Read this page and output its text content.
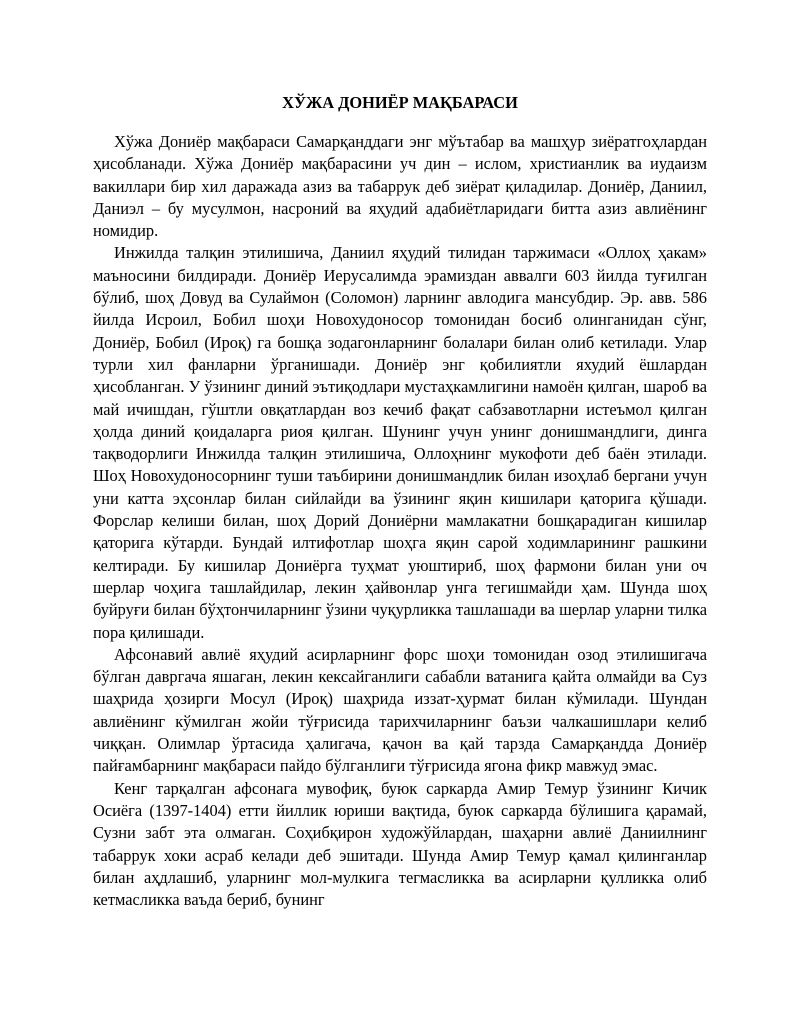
ХЎЖА ДОНИЁР МАҚБАРАСИ

Хўжа Дониёр мақбараси Самарқанддаги энг мўътабар ва машҳур зиёратгоҳлардан ҳисобланади. Хўжа Дониёр мақбарасини уч дин – ислом, христианлик ва иудаизм вакиллари бир хил даражада азиз ва табаррук деб зиёрат қиладилар. Дониёр, Даниил, Даниэл – бу мусулмон, насроний ва яҳудий адабиётларидаги битта азиз авлиёнинг номидир.

Инжилда талқин этилишича, Даниил яҳудий тилидан таржимаси «Оллоҳ ҳакам» маъносини билдиради. Дониёр Иерусалимда эрамиздан аввалги 603 йилда туғилган бўлиб, шоҳ Довуд ва Сулаймон (Соломон) ларнинг авлодига мансубдир. Эр. авв. 586 йилда Исроил, Бобил шоҳи Новохудоносор томонидан босиб олинганидан сўнг, Дониёр, Бобил (Ироқ) га бошқа зодагонларнинг болалари билан олиб кетилади. Улар турли хил фанларни ўрганишади. Дониёр энг қобилиятли яхудий ёшлардан ҳисобланган. У ўзининг диний эътиқодлари мустаҳкамлигини намоён қилган, шароб ва май ичишдан, гўштли овқатлардан воз кечиб фақат сабзавотларни истеъмол қилган ҳолда диний қоидаларга риоя қилган. Шунинг учун унинг донишмандлиги, динга тақводорлиги Инжилда талқин этилишича, Оллоҳнинг мукофоти деб баён этилади. Шоҳ Новохудоносорнинг туши таъбирини донишмандлик билан изоҳлаб бергани учун уни катта эҳсонлар билан сийлайди ва ўзининг яқин кишилари қаторига қўшади. Форслар келиши билан, шоҳ Дорий Дониёрни мамлакатни бошқарадиган кишилар қаторига кўтарди. Бундай илтифотлар шоҳга яқин сарой ходимларининг рашкини келтиради. Бу кишилар Дониёрга туҳмат уюштириб, шоҳ фармони билан уни оч шерлар чоҳига ташлайдилар, лекин ҳайвонлар унга тегишмайди ҳам. Шунда шоҳ буйруғи билан бўҳтончиларнинг ўзини чуқурликка ташлашади ва шерлар уларни тилка пора қилишади.

Афсонавий авлиё яҳудий асирларнинг форс шоҳи томонидан озод этилишигача бўлган давргача яшаган, лекин кексайганлиги сабабли ватанига қайта олмайди ва Суз шаҳрида ҳозирги Мосул (Ироқ) шаҳрида иззат-ҳурмат билан кўмилади. Шундан авлиёнинг кўмилган жойи тўғрисида тарихчиларнинг баъзи чалкашишлари келиб чиққан. Олимлар ўртасида ҳалигача, қачон ва қай тарзда Самарқандда Дониёр пайғамбарнинг мақбараси пайдо бўлганлиги тўғрисида ягона фикр мавжуд эмас.

Кенг тарқалган афсонага мувофиқ, буюк саркарда Амир Темур ўзининг Кичик Осиёга (1397-1404) етти йиллик юриши вақтида, буюк саркарда бўлишига қарамай, Сузни забт эта олмаган. Соҳибқирон художўйлардан, шаҳарни авлиё Даниилнинг табаррук хоки асраб келади деб эшитади. Шунда Амир Темур қамал қилинганлар билан аҳдлашиб, уларнинг мол-мулкига тегмасликка ва асирларни қулликка олиб кетмасликка ваъда бериб, бунинг
